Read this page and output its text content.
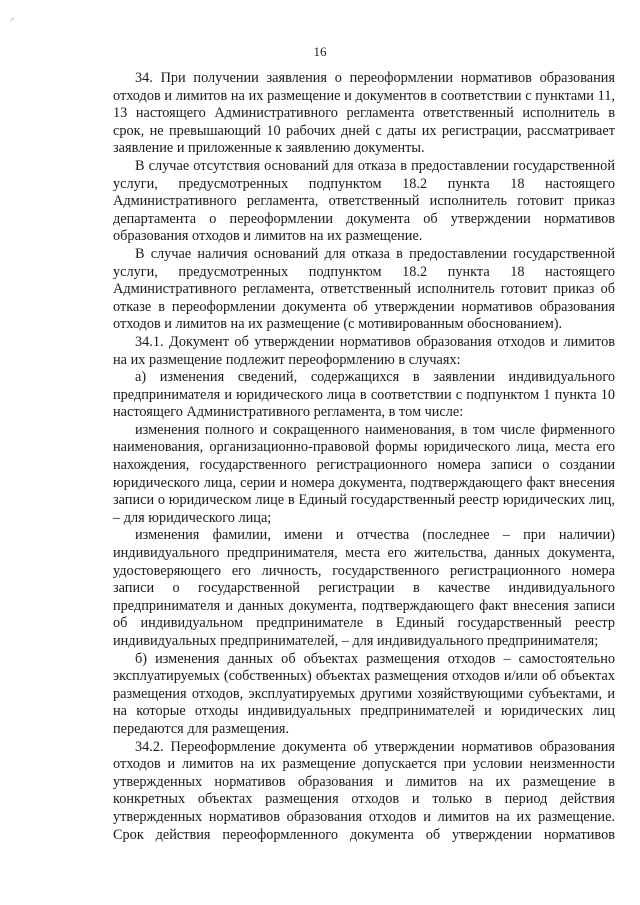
⸝
16

34. При получении заявления о переоформлении нормативов образования отходов и лимитов на их размещение и документов в соответствии с пунктами 11, 13 настоящего Административного регламента ответственный исполнитель в срок, не превышающий 10 рабочих дней с даты их регистрации, рассматривает заявление и приложенные к заявлению документы.

В случае отсутствия оснований для отказа в предоставлении государственной услуги, предусмотренных подпунктом 18.2 пункта 18 настоящего Административного регламента, ответственный исполнитель готовит приказ департамента о переоформлении документа об утверждении нормативов образования отходов и лимитов на их размещение.

В случае наличия оснований для отказа в предоставлении государственной услуги, предусмотренных подпунктом 18.2 пункта 18 настоящего Административного регламента, ответственный исполнитель готовит приказ об отказе в переоформлении документа об утверждении нормативов образования отходов и лимитов на их размещение (с мотивированным обоснованием).

34.1. Документ об утверждении нормативов образования отходов и лимитов на их размещение подлежит переоформлению в случаях:

а) изменения сведений, содержащихся в заявлении индивидуального предпринимателя и юридического лица в соответствии с подпунктом 1 пункта 10 настоящего Административного регламента, в том числе:

изменения полного и сокращенного наименования, в том числе фирменного наименования, организационно-правовой формы юридического лица, места его нахождения, государственного регистрационного номера записи о создании юридического лица, серии и номера документа, подтверждающего факт внесения записи о юридическом лице в Единый государственный реестр юридических лиц, – для юридического лица;

изменения фамилии, имени и отчества (последнее – при наличии) индивидуального предпринимателя, места его жительства, данных документа, удостоверяющего его личность, государственного регистрационного номера записи о государственной регистрации в качестве индивидуального предпринимателя и данных документа, подтверждающего факт внесения записи об индивидуальном предпринимателе в Единый государственный реестр индивидуальных предпринимателей, – для индивидуального предпринимателя;

б) изменения данных об объектах размещения отходов – самостоятельно эксплуатируемых (собственных) объектах размещения отходов и/или об объектах размещения отходов, эксплуатируемых другими хозяйствующими субъектами, и на которые отходы индивидуальных предпринимателей и юридических лиц передаются для размещения.

34.2. Переоформление документа об утверждении нормативов образования отходов и лимитов на их размещение допускается при условии неизменности утвержденных нормативов образования и лимитов на их размещение в конкретных объектах размещения отходов и только в период действия утвержденных нормативов образования отходов и лимитов на их размещение. Срок действия переоформленного документа об утверждении нормативов
